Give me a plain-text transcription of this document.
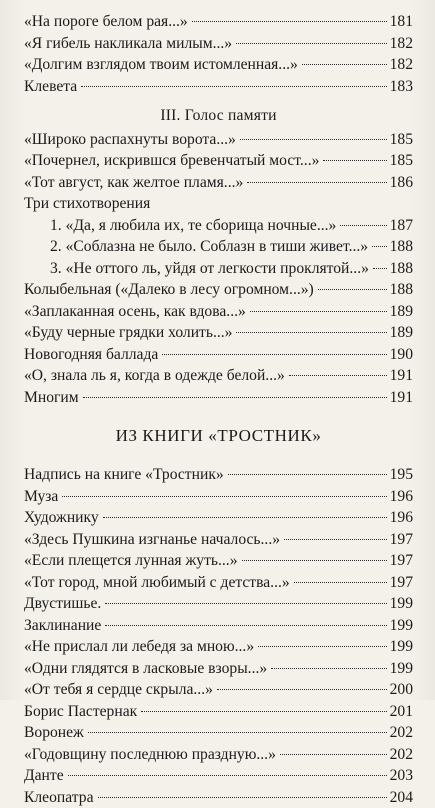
«На пороге белом рая...»	181
«Я гибель накликала милым...»	182
«Долгим взглядом твоим истомленная...»	182
Клевета	183
III. Голос памяти
«Широко распахнуты ворота...»	185
«Почернел, искрившся бревенчатый мост...»	185
«Тот август, как желтое пламя...»	186
Три стихотворения
1. «Да, я любила их, те сборища ночные...»	187
2. «Соблазна не было. Соблазн в тиши живет...» 188
3. «Не оттого ль, уйдя от легкости проклятой...» 188
Колыбельная («Далеко в лесу огромном...»)	188
«Заплаканная осень, как вдова...»	189
«Буду черные грядки холить...»	189
Новогодняя баллада	190
«О, знала ль я, когда в одежде белой...»	191
Многим	191
ИЗ КНИГИ «ТРОСТНИК»
Надпись на книге «Тростник»	195
Муза	196
Художнику	196
«Здесь Пушкина изгнанье началось...»	197
«Если плещется лунная жуть...»	197
«Тот город, мной любимый с детства...»	197
Двустишье.	199
Заклинание	199
«Не прислал ли лебедя за мною...»	199
«Одни глядятся в ласковые взоры...»	199
«От тебя я сердце скрыла...»	200
Борис Пастернак	201
Воронеж	202
«Годовщину последнюю праздную...»	202
Данте	203
Клеопатра	204
